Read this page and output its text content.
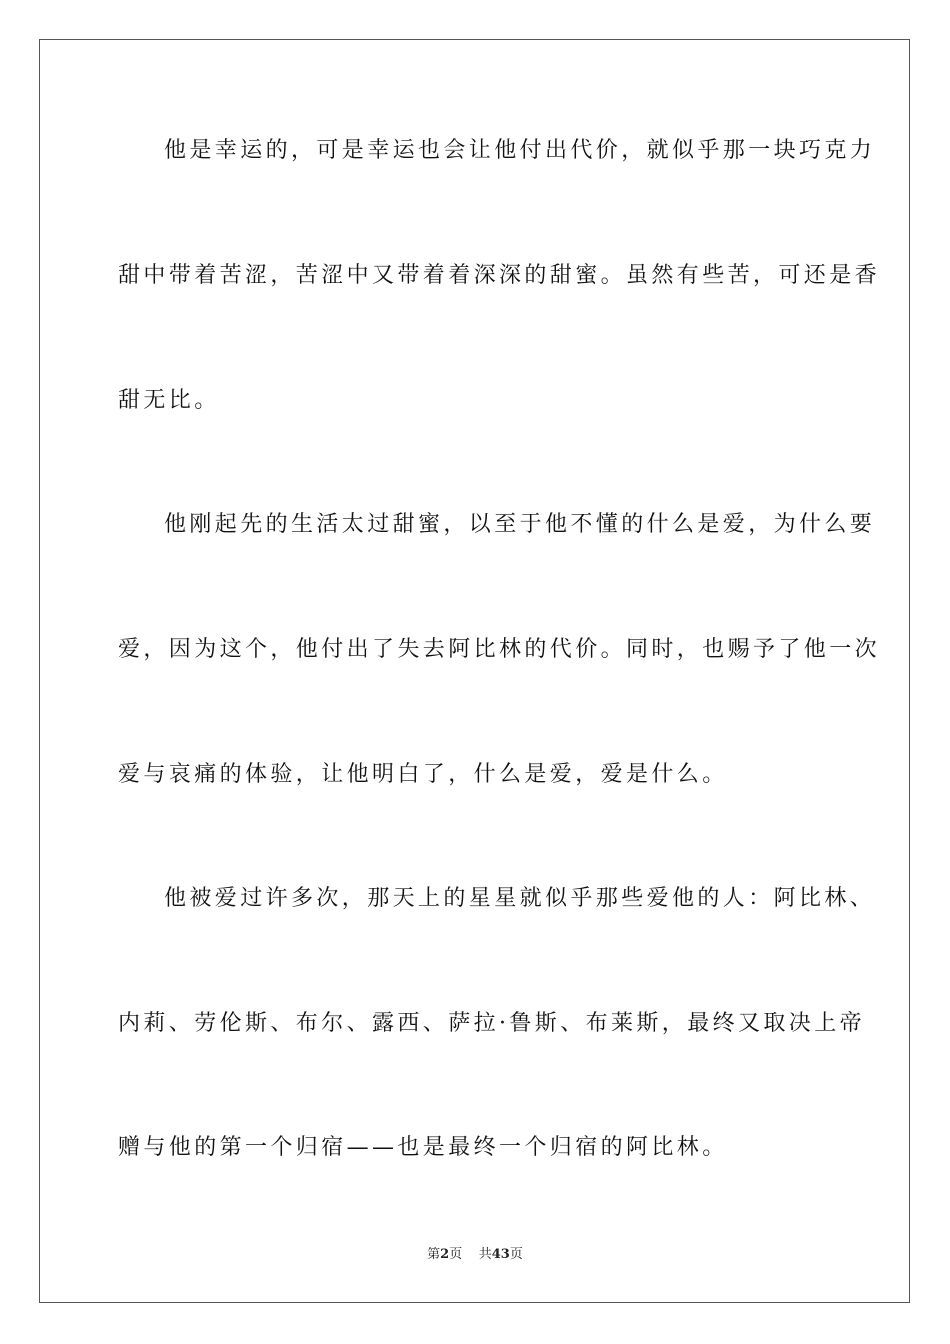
他是幸运的，可是幸运也会让他付出代价，就似乎那一块巧克力
甜中带着苦涩，苦涩中又带着着深深的甜蜜。虽然有些苦，可还是香
甜无比。
他刚起先的生活太过甜蜜，以至于他不懂的什么是爱，为什么要
爱，因为这个，他付出了失去阿比林的代价。同时，也赐予了他一次
爱与哀痛的体验，让他明白了，什么是爱，爱是什么。
他被爱过许多次，那天上的星星就似乎那些爱他的人：阿比林、
内莉、劳伦斯、布尔、露西、萨拉·鲁斯、布莱斯，最终又取决上帝
赠与他的第一个归宿——也是最终一个归宿的阿比林。
第2页 共43页
